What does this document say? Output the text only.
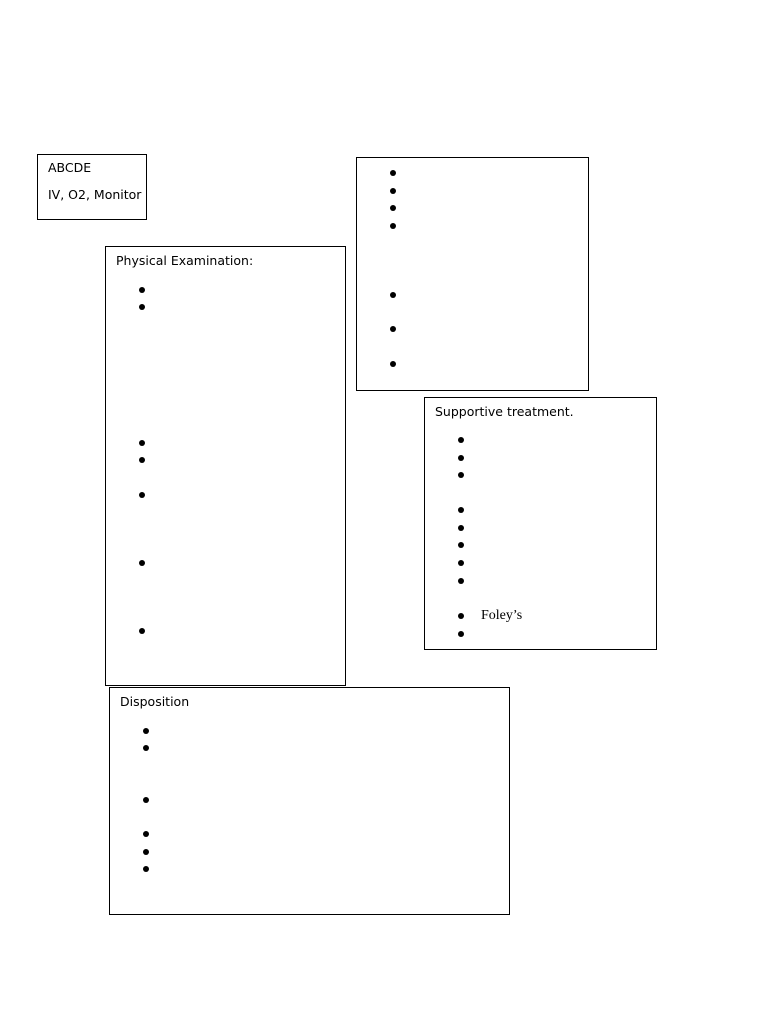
ABCDE
IV, O2, Monitor
Physical Examination:
Supportive treatment.
Foley’s
Disposition
